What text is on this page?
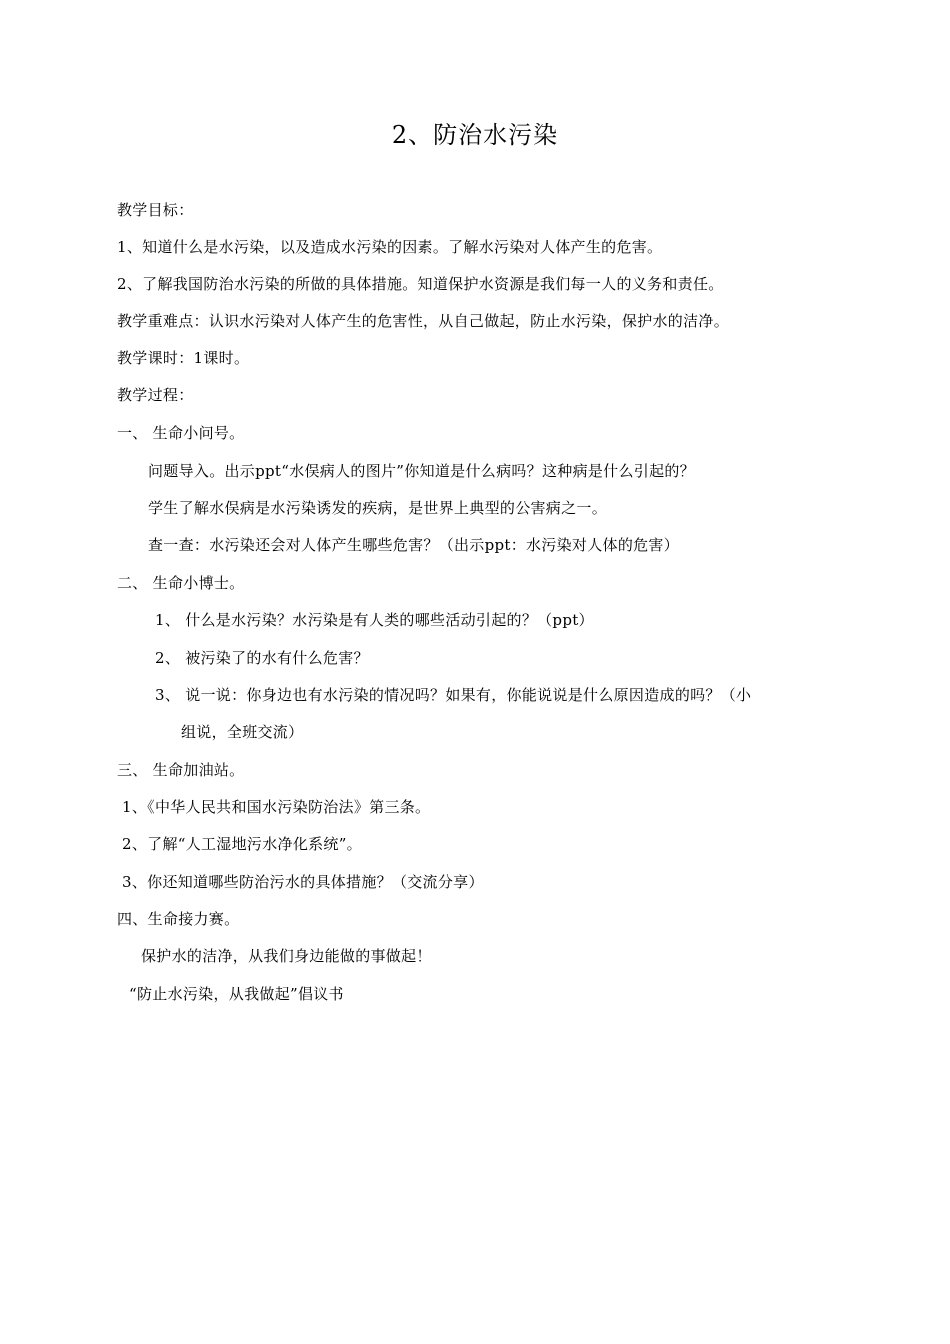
2、防治水污染
教学目标：
1、知道什么是水污染，以及造成水污染的因素。了解水污染对人体产生的危害。
2、了解我国防治水污染的所做的具体措施。知道保护水资源是我们每一人的义务和责任。
教学重难点：认识水污染对人体产生的危害性，从自己做起，防止水污染，保护水的洁净。
教学课时：1课时。
教学过程：
一、 生命小问号。
问题导入。出示ppt“水俣病人的图片”你知道是什么病吗？这种病是什么引起的？
学生了解水俣病是水污染诱发的疾病，是世界上典型的公害病之一。
查一查：水污染还会对人体产生哪些危害？（出示ppt：水污染对人体的危害）
二、 生命小博士。
1、 什么是水污染？水污染是有人类的哪些活动引起的？（ppt）
2、 被污染了的水有什么危害？
3、 说一说：你身边也有水污染的情况吗？如果有，你能说说是什么原因造成的吗？（小
组说，全班交流）
三、 生命加油站。
1、《中华人民共和国水污染防治法》第三条。
2、了解“人工湿地污水净化系统”。
3、你还知道哪些防治污水的具体措施？（交流分享）
四、生命接力赛。
保护水的洁净，从我们身边能做的事做起！
“防止水污染，从我做起”倡议书
